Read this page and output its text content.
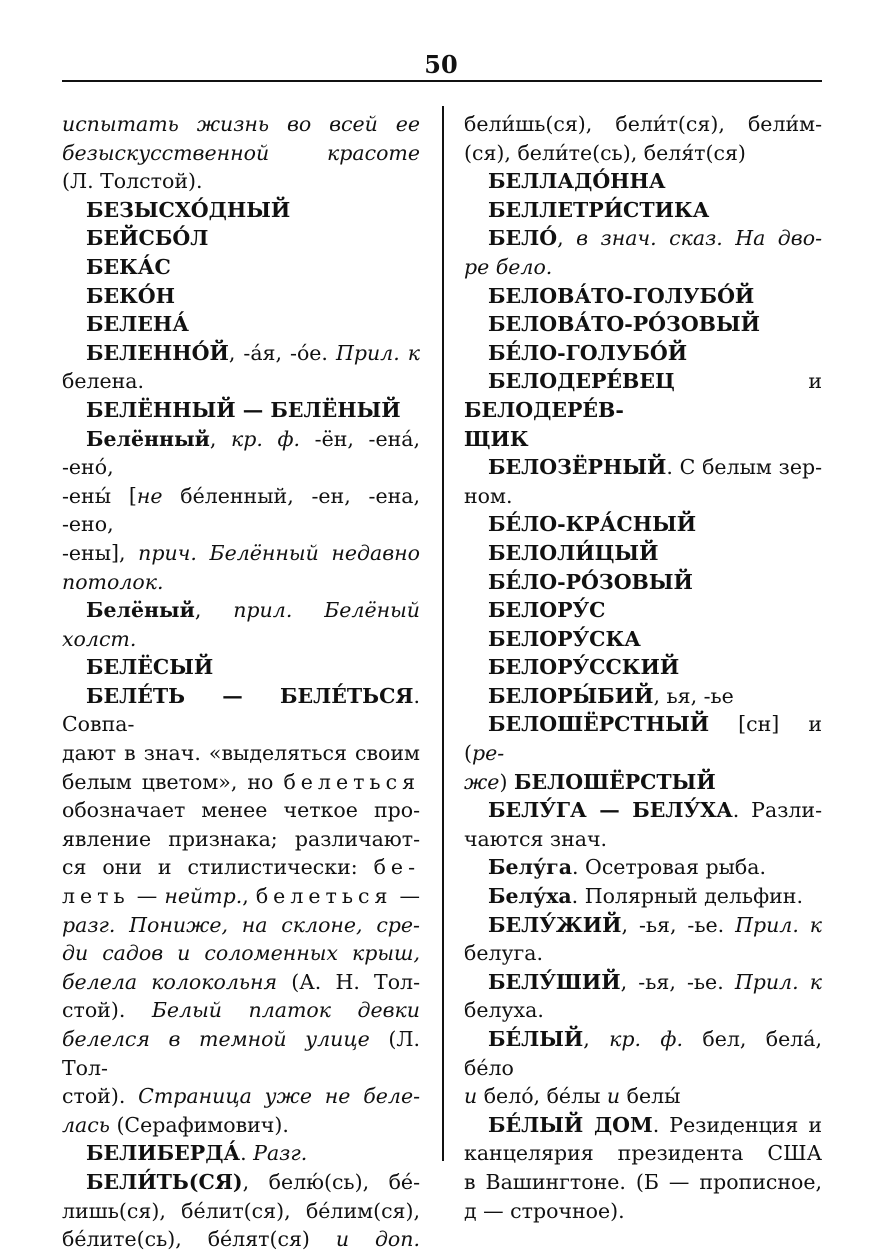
50

испытать жизнь во всей ее

безыскусственной красоте

(Л. Толстой).

БЕЗЫСХО́ДНЫЙ

БЕЙСБО́Л

БЕКА́С

БЕКО́Н

БЕЛЕНА́

БЕЛЕННО́Й, -а́я, -о́е. Прил. к

белена.

БЕЛЁННЫЙ — БЕЛЁНЫЙ

Белённый, кр. ф. -ён, -ена́, -ено́,

-ены́ [не бе́ленный, -ен, -ена, -ено,

-ены], прич. Белённый недавно

потолок.

Белёный, прил. Белёный

холст.

БЕЛЁСЫЙ

БЕЛЕ́ТЬ — БЕЛЕ́ТЬСЯ. Совпа-

дают в знач. «выделяться своим

белым цветом», но белеться

обозначает менее четкое про-

явление признака; различают-

ся они и стилистически: бе-

леть — нейтр., белеться —

разг. Пониже, на склоне, сре-

ди садов и соломенных крыш,

белела колокольня (А. Н. Тол-

стой). Белый платок девки

белелся в темной улице (Л. Тол-

стой). Страница уже не беле-

лась (Серафимович).

БЕЛИБЕРДА́. Разг.

БЕЛИ́ТЬ(СЯ), белю́(сь), бе́-

лишь(ся), бе́лит(ся), бе́лим(ся),

бе́лите(сь), бе́лят(ся) и доп.

бели́шь(ся), бели́т(ся), бели́м-

(ся), бели́те(сь), беля́т(ся)

БЕЛЛАДО́ННА

БЕЛЛЕТРИ́СТИКА

БЕЛО́, в знач. сказ. На дво-

ре бело.

БЕЛОВА́ТО-ГОЛУБО́Й

БЕЛОВА́ТО-РО́ЗОВЫЙ

БЕ́ЛО-ГОЛУБО́Й

БЕЛОДЕРЕ́ВЕЦ и БЕЛОДЕРЕ́В-

ЩИК

БЕЛОЗЁРНЫЙ. С белым зер-

ном.

БЕ́ЛО-КРА́СНЫЙ

БЕЛОЛИ́ЦЫЙ

БЕ́ЛО-РО́ЗОВЫЙ

БЕЛОРУ́С

БЕЛОРУ́СКА

БЕЛОРУ́ССКИЙ

БЕЛОРЫ́БИЙ, ья, -ье

БЕЛОШЁРСТНЫЙ [сн] и (ре-

же) БЕЛОШЁРСТЫЙ

БЕЛУ́ГА — БЕЛУ́ХА. Разли-

чаются знач.

Белу́га. Осетровая рыба.

Белу́ха. Полярный дельфин.

БЕЛУ́ЖИЙ, -ья, -ье. Прил. к

белуга.

БЕЛУ́ШИЙ, -ья, -ье. Прил. к

белуха.

БЕ́ЛЫЙ, кр. ф. бел, бела́, бе́ло

и бело́, бе́лы и белы́

БЕ́ЛЫЙ ДОМ. Резиденция и

канцелярия президента США

в Вашингтоне. (Б — прописное,

д — строчное).
